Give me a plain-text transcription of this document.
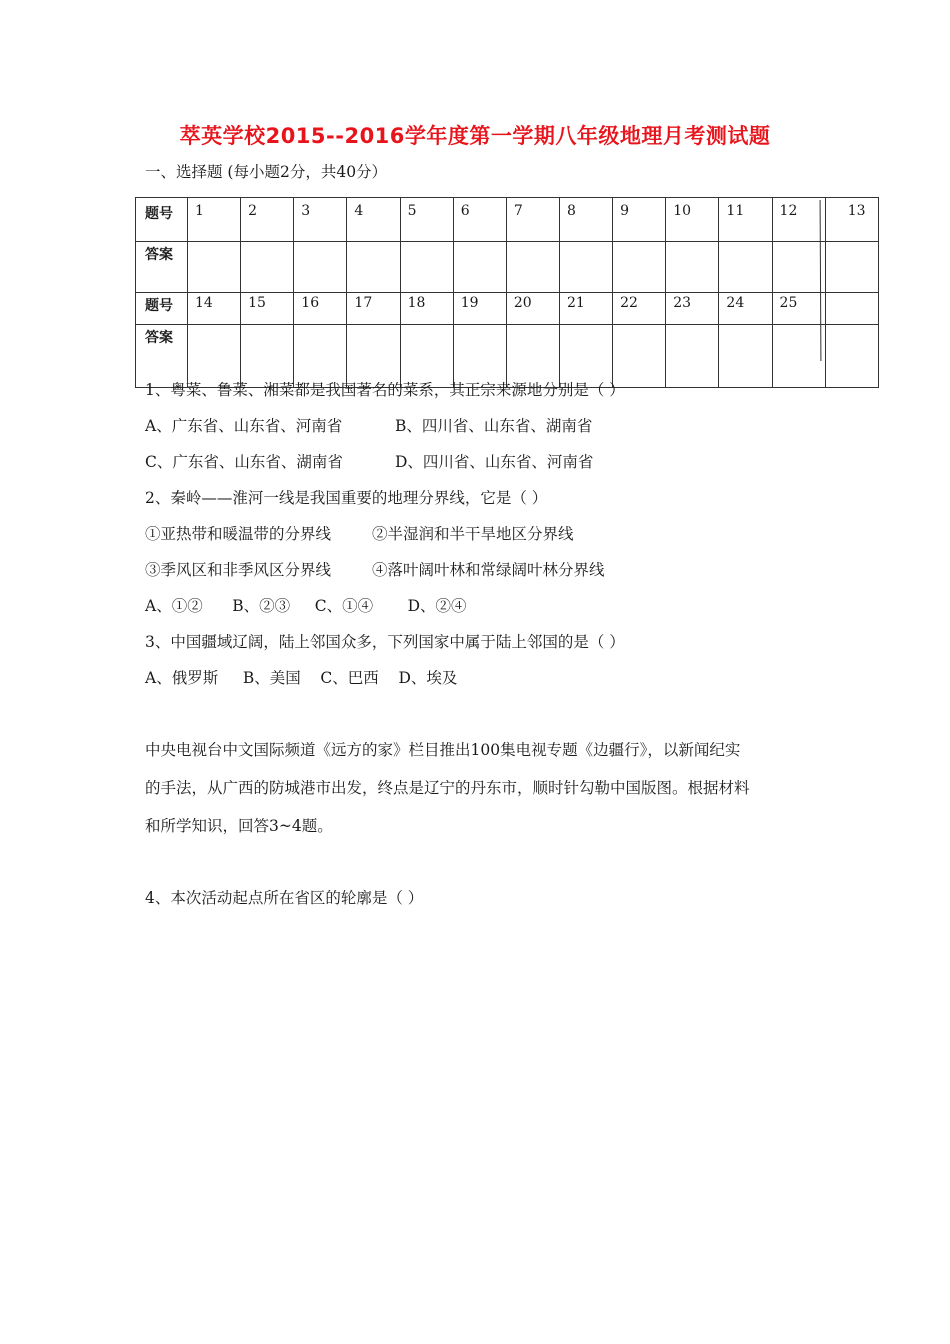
萃英学校2015--2016学年度第一学期八年级地理月考测试题
一、选择题 (每小题2分，共40分）
题号	1	2	3	4	5	6	7	8	9	10	11	12	13
答案													
题号	14	15	16	17	18	19	20	21	22	23	24	25	
答案													
1、粤菜、鲁菜、湘菜都是我国著名的菜系，其正宗来源地分别是（ ）
A、广东省、山东省、河南省	B、四川省、山东省、湖南省
C、广东省、山东省、湖南省	D、四川省、山东省、河南省
2、秦岭——淮河一线是我国重要的地理分界线，它是（ ）
①亚热带和暖温带的分界线	②半湿润和半干旱地区分界线
③季风区和非季风区分界线	④落叶阔叶林和常绿阔叶林分界线
A、①②      B、②③     C、①④       D、②④
3、中国疆域辽阔，陆上邻国众多，下列国家中属于陆上邻国的是（ ）
A、俄罗斯     B、美国    C、巴西    D、埃及
中央电视台中文国际频道《远方的家》栏目推出100集电视专题《边疆行》，以新闻纪实
的手法，从广西的防城港市出发，终点是辽宁的丹东市，顺时针勾勒中国版图。根据材料
和所学知识，回答3~4题。
4、本次活动起点所在省区的轮廓是（ ）
